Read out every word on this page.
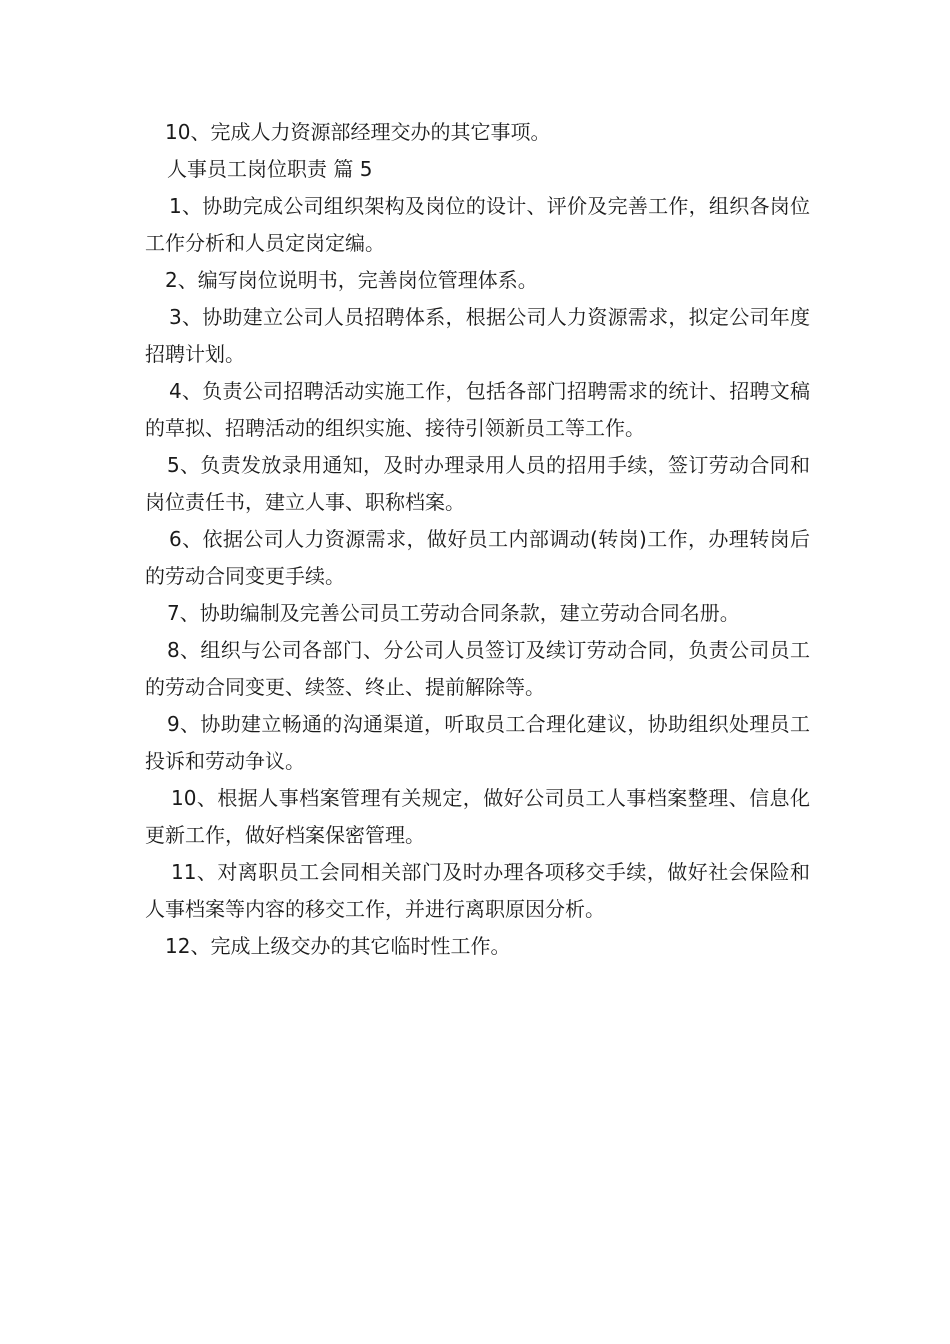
10、完成人力资源部经理交办的其它事项。

人事员工岗位职责 篇 5

1、协助完成公司组织架构及岗位的设计、评价及完善工作，组织各岗位工作分析和人员定岗定编。

2、编写岗位说明书，完善岗位管理体系。

3、协助建立公司人员招聘体系，根据公司人力资源需求，拟定公司年度招聘计划。

4、负责公司招聘活动实施工作，包括各部门招聘需求的统计、招聘文稿的草拟、招聘活动的组织实施、接待引领新员工等工作。

5、负责发放录用通知，及时办理录用人员的招用手续，签订劳动合同和岗位责任书，建立人事、职称档案。

6、依据公司人力资源需求，做好员工内部调动(转岗)工作，办理转岗后的劳动合同变更手续。

7、协助编制及完善公司员工劳动合同条款，建立劳动合同名册。

8、组织与公司各部门、分公司人员签订及续订劳动合同，负责公司员工的劳动合同变更、续签、终止、提前解除等。

9、协助建立畅通的沟通渠道，听取员工合理化建议，协助组织处理员工投诉和劳动争议。

10、根据人事档案管理有关规定，做好公司员工人事档案整理、信息化更新工作，做好档案保密管理。

11、对离职员工会同相关部门及时办理各项移交手续，做好社会保险和人事档案等内容的移交工作，并进行离职原因分析。

12、完成上级交办的其它临时性工作。
